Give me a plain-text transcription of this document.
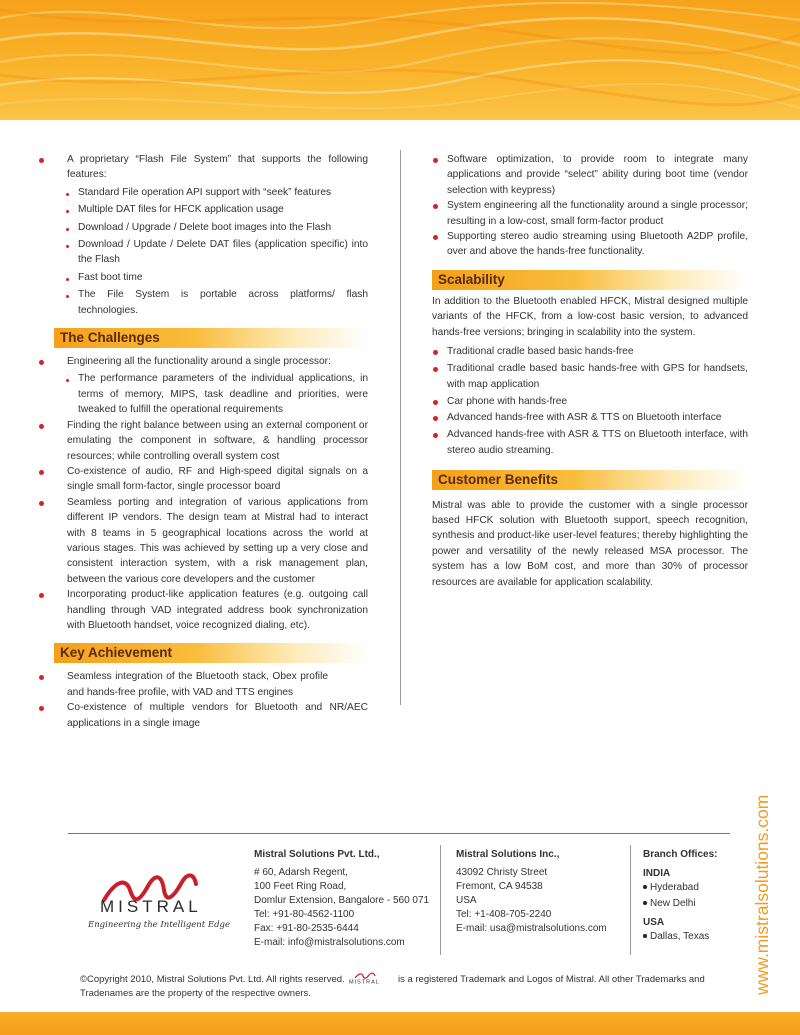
A proprietary “Flash File System” that supports the following features:
Standard File operation API support with “seek” features
Multiple DAT files for HFCK application usage
Download / Upgrade / Delete boot images into the Flash
Download / Update / Delete DAT files (application specific) into the Flash
Fast boot time
The File System is portable across platforms/ flash technologies.
The Challenges
Engineering all the functionality around a single processor:
The performance parameters of the individual applications, in terms of memory, MIPS, task deadline and priorities, were tweaked to fulfill the operational requirements
Finding the right balance between using an external component or emulating the component in software, & handling processor resources; while controlling overall system cost
Co-existence of audio, RF and High-speed digital signals on a single small form-factor, single processor board
Seamless porting and integration of various applications from different IP vendors. The design team at Mistral had to interact with 8 teams in 5 geographical locations across the world at various stages. This was achieved by setting up a very close and consistent interaction system, with a risk management plan, between the various core developers and the customer
Incorporating product-like application features (e.g. outgoing call handling through VAD integrated address book synchronization with Bluetooth handset, voice recognized dialing, etc).
Key Achievement
Seamless integration of the Bluetooth stack, Obex profile and hands-free profile, with VAD and TTS engines
Co-existence of multiple vendors for Bluetooth and NR/AEC applications in a single image
Software optimization, to provide room to integrate many applications and provide “select” ability during boot time (vendor selection with keypress)
System engineering all the functionality around a single processor; resulting in a low-cost, small form-factor product
Supporting stereo audio streaming using Bluetooth A2DP profile, over and above the hands-free functionality.
Scalability

In addition to the Bluetooth enabled HFCK, Mistral designed multiple variants of the HFCK, from a low-cost basic version, to advanced hands-free versions; bringing in scalability into the system.

Traditional cradle based basic hands-free
Traditional cradle based basic hands-free with GPS for handsets, with map application
Car phone with hands-free
Advanced hands-free with ASR & TTS on Bluetooth interface
Advanced hands-free with ASR & TTS on Bluetooth interface, with stereo audio streaming.
Customer Benefits

Mistral was able to provide the customer with a single processor based HFCK solution with Bluetooth support, speech recognition, synthesis and product-like user-level features; thereby highlighting the power and versatility of the newly released MSA processor. The system has a low BoM cost, and more than 30% of processor resources are available for application scalability.

MISTRAL
Engineering the Intelligent Edge
Mistral Solutions Pvt. Ltd.,
# 60, Adarsh Regent,
100 Feet Ring Road,
Domlur Extension, Bangalore - 560 071
Tel: +91-80-4562-1100
Fax: +91-80-2535-6444
E-mail: info@mistralsolutions.com
Mistral Solutions Inc.,
43092 Christy Street
Fremont, CA 94538
USA
Tel: +1-408-705-2240
E-mail: usa@mistralsolutions.com
Branch Offices:
INDIA
Hyderabad
New Delhi
USA
Dallas, Texas	www.mistralsolutions.com
©Copyright 2010, Mistral Solutions Pvt. Ltd. All rights reserved. MISTRAL is a registered Trademark and Logos of Mistral. All other Trademarks and Tradenames are the property of the respective owners.
